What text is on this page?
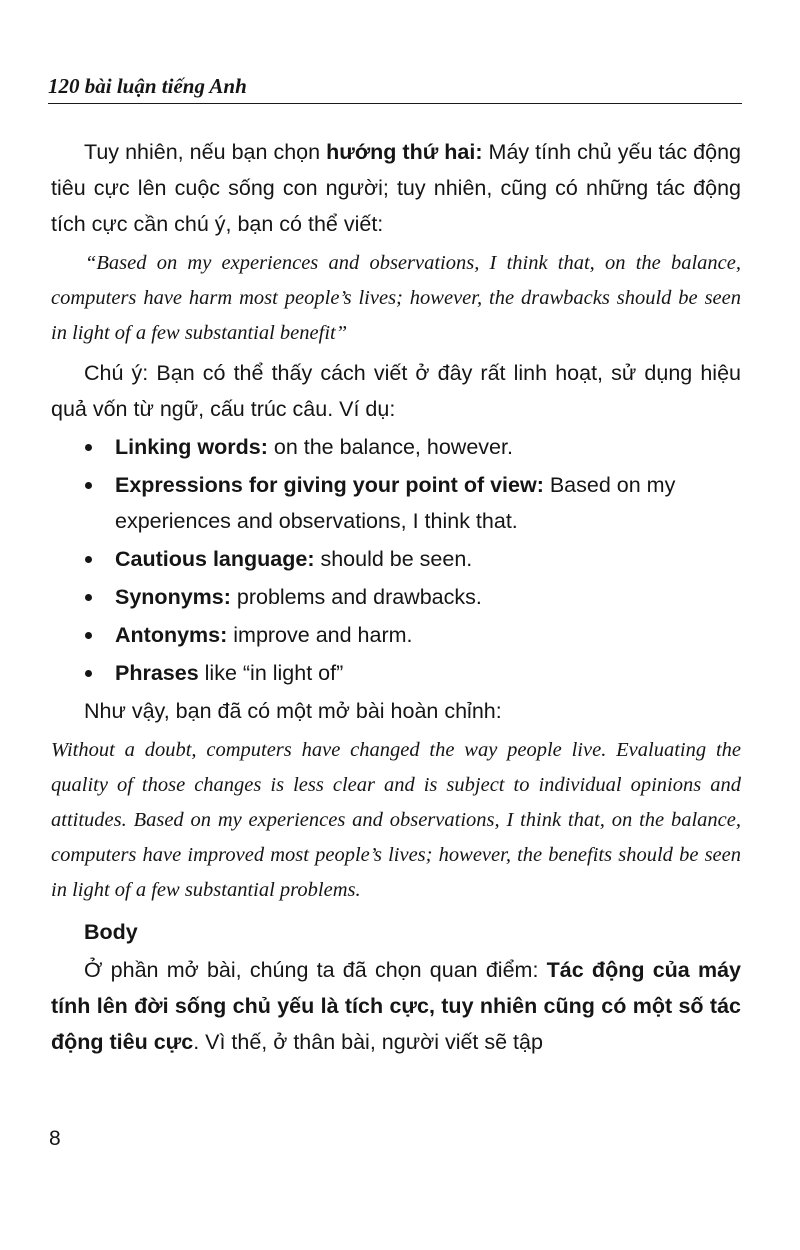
120 bài luận tiếng Anh

Tuy nhiên, nếu bạn chọn hướng thứ hai: Máy tính chủ yếu tác động tiêu cực lên cuộc sống con người; tuy nhiên, cũng có những tác động tích cực cần chú ý, bạn có thể viết:

“Based on my experiences and observations, I think that, on the balance, computers have harm most people’s lives; however, the drawbacks should be seen in light of a few substantial benefit”

Chú ý: Bạn có thể thấy cách viết ở đây rất linh hoạt, sử dụng hiệu quả vốn từ ngữ, cấu trúc câu. Ví dụ:

Linking words: on the balance, however.
Expressions for giving your point of view: Based on my experiences and observations, I think that.
Cautious language: should be seen.
Synonyms: problems and drawbacks.
Antonyms: improve and harm.
Phrases like “in light of”

Như vậy, bạn đã có một mở bài hoàn chỉnh:

Without a doubt, computers have changed the way people live. Evaluating the quality of those changes is less clear and is subject to individual opinions and attitudes. Based on my experiences and observations, I think that, on the balance, computers have improved most people’s lives; however, the benefits should be seen in light of a few substantial problems.

Body

Ở phần mở bài, chúng ta đã chọn quan điểm: Tác động của máy tính lên đời sống chủ yếu là tích cực, tuy nhiên cũng có một số tác động tiêu cực. Vì thế, ở thân bài, người viết sẽ tập

8
